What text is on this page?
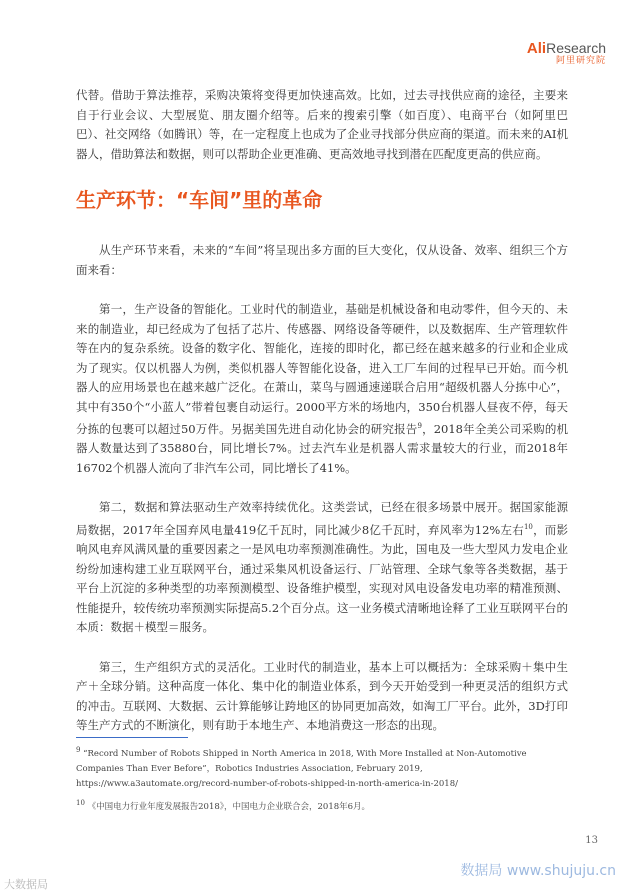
AliResearch
阿里研究院

代替。借助于算法推荐，采购决策将变得更加快速高效。比如，过去寻找供应商的途径，主要来自于行业会议、大型展览、朋友圈介绍等。后来的搜索引擎（如百度）、电商平台（如阿里巴巴）、社交网络（如腾讯）等，在一定程度上也成为了企业寻找部分供应商的渠道。而未来的AI机器人，借助算法和数据，则可以帮助企业更准确、更高效地寻找到潜在匹配度更高的供应商。

生产环节：“车间”里的革命

从生产环节来看，未来的“车间”将呈现出多方面的巨大变化，仅从设备、效率、组织三个方面来看：

第一，生产设备的智能化。工业时代的制造业，基础是机械设备和电动零件，但今天的、未来的制造业，却已经成为了包括了芯片、传感器、网络设备等硬件，以及数据库、生产管理软件等在内的复杂系统。设备的数字化、智能化，连接的即时化，都已经在越来越多的行业和企业成为了现实。仅以机器人为例，类似机器人等智能化设备，进入工厂车间的过程早已开始。而今机器人的应用场景也在越来越广泛化。在萧山，菜鸟与圆通速递联合启用“超级机器人分拣中心”，其中有350个“小蓝人”带着包裹自动运行。2000平方米的场地内，350台机器人昼夜不停，每天分拣的包裹可以超过50万件。另据美国先进自动化协会的研究报告$^9$，2018年全美公司采购的机器人数量达到了35880台，同比增长7%。过去汽车业是机器人需求量较大的行业，而2018年16702个机器人流向了非汽车公司，同比增长了41%。

第二，数据和算法驱动生产效率持续优化。这类尝试，已经在很多场景中展开。据国家能源局数据，2017年全国弃风电量419亿千瓦时，同比减少8亿千瓦时，弃风率为12%左右$^{10}$，而影响风电弃风满风量的重要因素之一是风电功率预测准确性。为此，国电及一些大型风力发电企业纷纷加速构建工业互联网平台，通过采集风机设备运行、厂站管理、全球气象等各类数据，基于平台上沉淀的多种类型的功率预测模型、设备维护模型，实现对风电设备发电功率的精准预测、性能提升，较传统功率预测实际提高5.2个百分点。这一业务模式清晰地诠释了工业互联网平台的本质：数据＋模型＝服务。

第三，生产组织方式的灵活化。工业时代的制造业，基本上可以概括为：全球采购＋集中生产＋全球分销。这种高度一体化、集中化的制造业体系，到今天开始受到一种更灵活的组织方式的冲击。互联网、大数据、云计算能够让跨地区的协同更加高效，如淘工厂平台。此外，3D打印等生产方式的不断演化，则有助于本地生产、本地消费这一形态的出现。

$^9$ “Record Number of Robots Shipped in North America in 2018, With More Installed at Non-Automotive Companies Than Ever Before”，Robotics Industries Association, February 2019, https://www.a3automate.org/record-number-of-robots-shipped-in-north-america-in-2018/

$^{10}$ 《中国电力行业年度发展报告2018》，中国电力企业联合会，2018年6月。

13
数据局 www.shujuju.cn
大数据局
